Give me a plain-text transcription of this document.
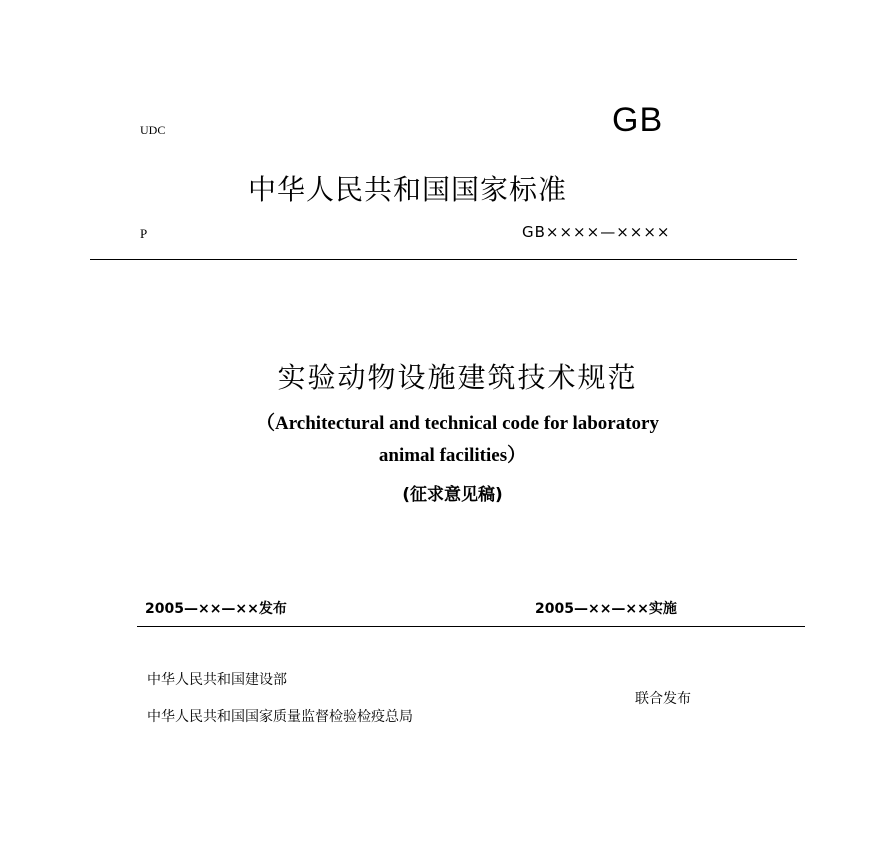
UDC	GB
中华人民共和国国家标准
P	GB××××—××××
实验动物设施建筑技术规范
（Architectural and technical code for laboratory
animal facilities）
(征求意见稿)
2005—××—××发布	2005—××—××实施
中华人民共和国建设部
中华人民共和国国家质量监督检验检疫总局
联合发布
